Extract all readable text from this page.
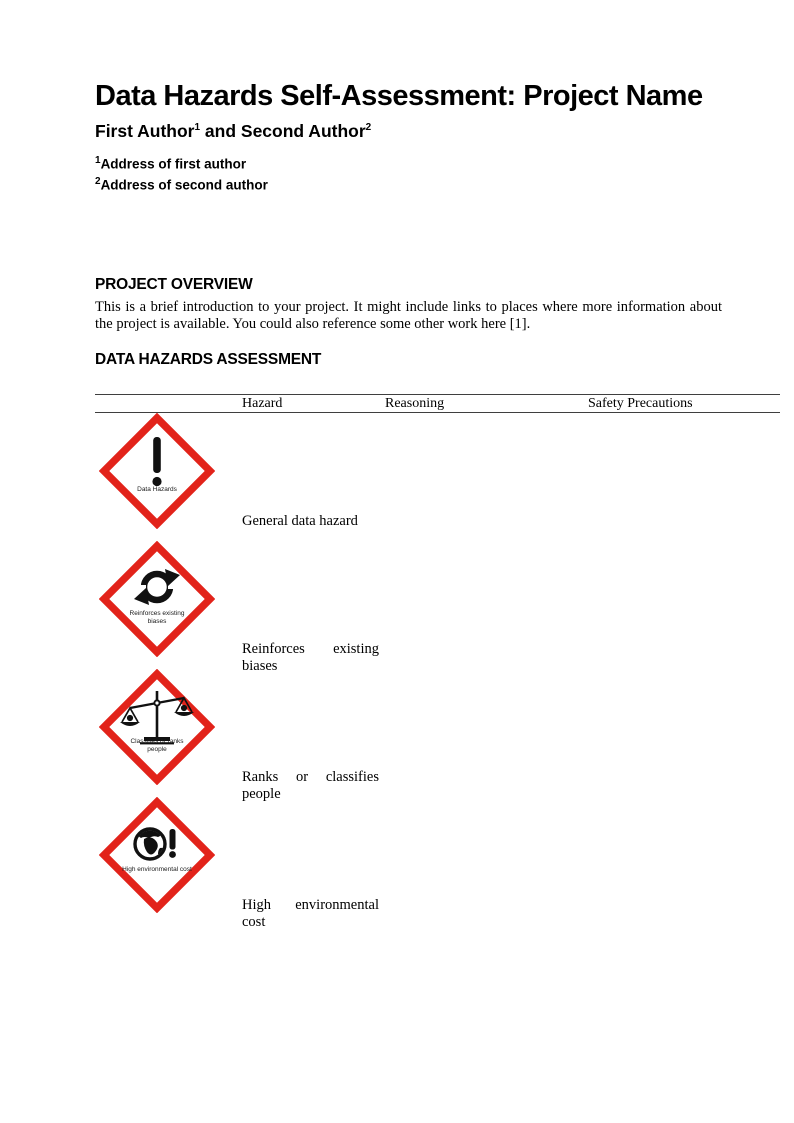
Data Hazards Self-Assessment: Project Name
First Author$^1$ and Second Author$^2$
$^1$Address of first author
$^2$Address of second author
PROJECT OVERVIEW
This is a brief introduction to your project. It might include links to places where more information about the project is available. You could also reference some other work here [1].
DATA HAZARDS ASSESSMENT
Hazard	Reasoning	Safety Precautions
Data Hazards
General data hazard
Reinforces existing biases
Reinforces existing biases
Classifies or ranks people
Ranks or classifies people
High environmental cost
High environmental cost
